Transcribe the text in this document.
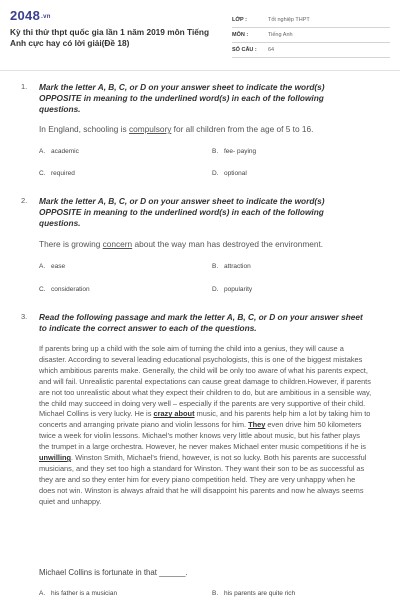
2048.vn
Kỳ thi thử thpt quốc gia lần 1 năm 2019 môn Tiếng Anh cực hay có lời giải(Đề 18)
LỚP :	Tốt nghiệp THPT
MÔN :	Tiếng Anh
SỐ CÂU : 64
1. Mark the letter A, B, C, or D on your answer sheet to indicate the word(s) OPPOSITE in meaning to the underlined word(s) in each of the following questions.
In England, schooling is compulsory for all children from the age of 5 to 16.
A. academic	B. fee- paying
C. required	D. optional
2. Mark the letter A, B, C, or D on your answer sheet to indicate the word(s) OPPOSITE in meaning to the underlined word(s) in each of the following questions.
There is growing concern about the way man has destroyed the environment.
A. ease	B. attraction
C. consideration	D. popularity
3. Read the following passage and mark the letter A, B, C, or D on your answer sheet to indicate the correct answer to each of the questions.
If parents bring up a child with the sole aim of turning the child into a genius, they will cause a disaster. According to several leading educational psychologists, this is one of the biggest mistakes which ambitious parents make. Generally, the child will be only too aware of what his parents expect, and will fail. Unrealistic parental expectations can cause great damage to children.However, if parents are not too unrealistic about what they expect their children to do, but are ambitious in a sensible way, the child may succeed in doing very well – especially if the parents are very supportive of their child. Michael Collins is very lucky. He is crazy about music, and his parents help him a lot by taking him to concerts and arranging private piano and violin lessons for him. They even drive him 50 kilometers twice a week for violin lessons. Michael's mother knows very little about music, but his father plays the trumpet in a large orchestra. However, he never makes Michael enter music competitions if he is unwilling. Winston Smith, Michael's friend, however, is not so lucky. Both his parents are successful musicians, and they set too high a standard for Winston. They want their son to be as successful as they are and so they enter him for every piano competition held. They are very unhappy when he does not win. Winston is always afraid that he will disappoint his parents and now he always seems quiet and unhappy.
Michael Collins is fortunate in that ______.
A. his father is a musician	B. his parents are quite rich
